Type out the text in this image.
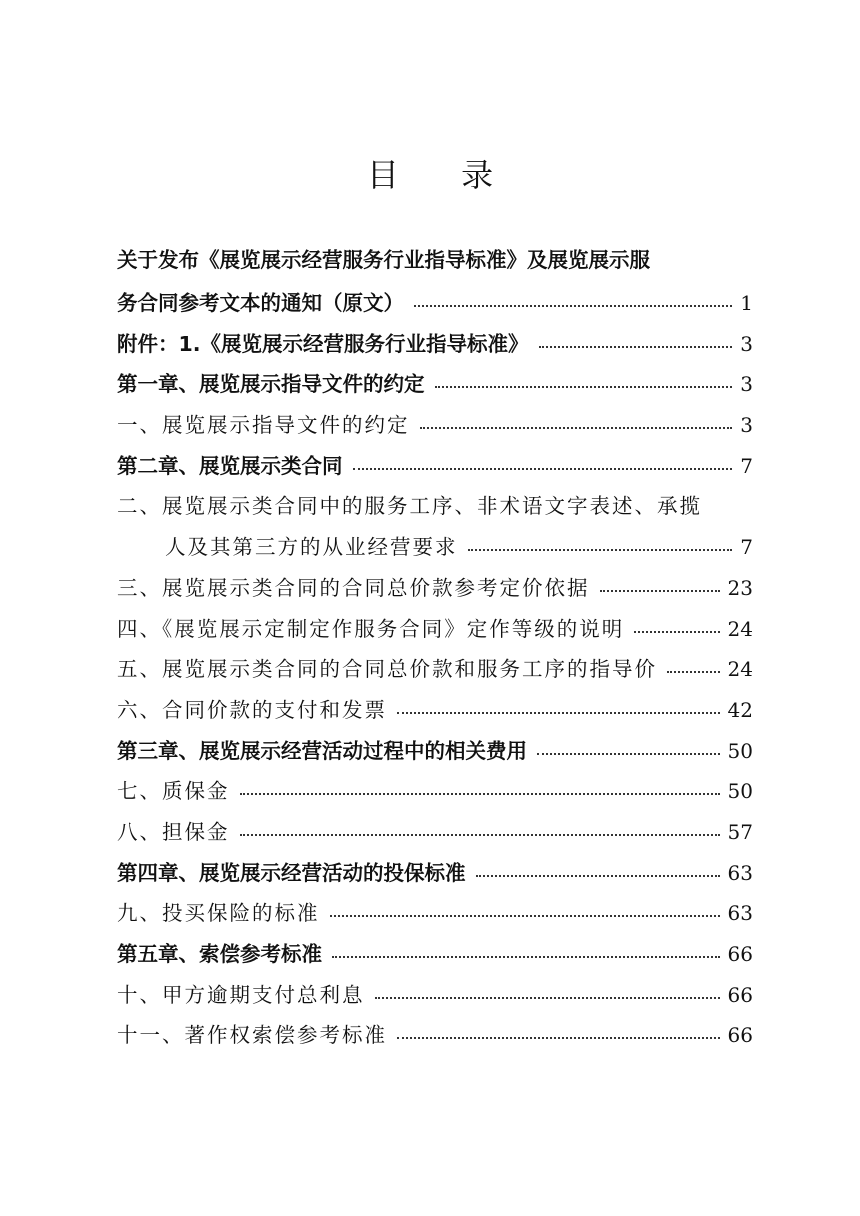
目 录
关于发布《展览展示经营服务行业指导标准》及展览展示服
务合同参考文本的通知（原文）	1
附件：1.《展览展示经营服务行业指导标准》	3
第一章、展览展示指导文件的约定	3
一、展览展示指导文件的约定	3
第二章、展览展示类合同	7
二、展览展示类合同中的服务工序、非术语文字表述、承揽
人及其第三方的从业经营要求	7
三、展览展示类合同的合同总价款参考定价依据	23
四、《展览展示定制定作服务合同》定作等级的说明	24
五、展览展示类合同的合同总价款和服务工序的指导价	24
六、合同价款的支付和发票	42
第三章、展览展示经营活动过程中的相关费用	50
七、质保金	50
八、担保金	57
第四章、展览展示经营活动的投保标准	63
九、投买保险的标准	63
第五章、索偿参考标准	66
十、甲方逾期支付总利息	66
十一、著作权索偿参考标准	66
